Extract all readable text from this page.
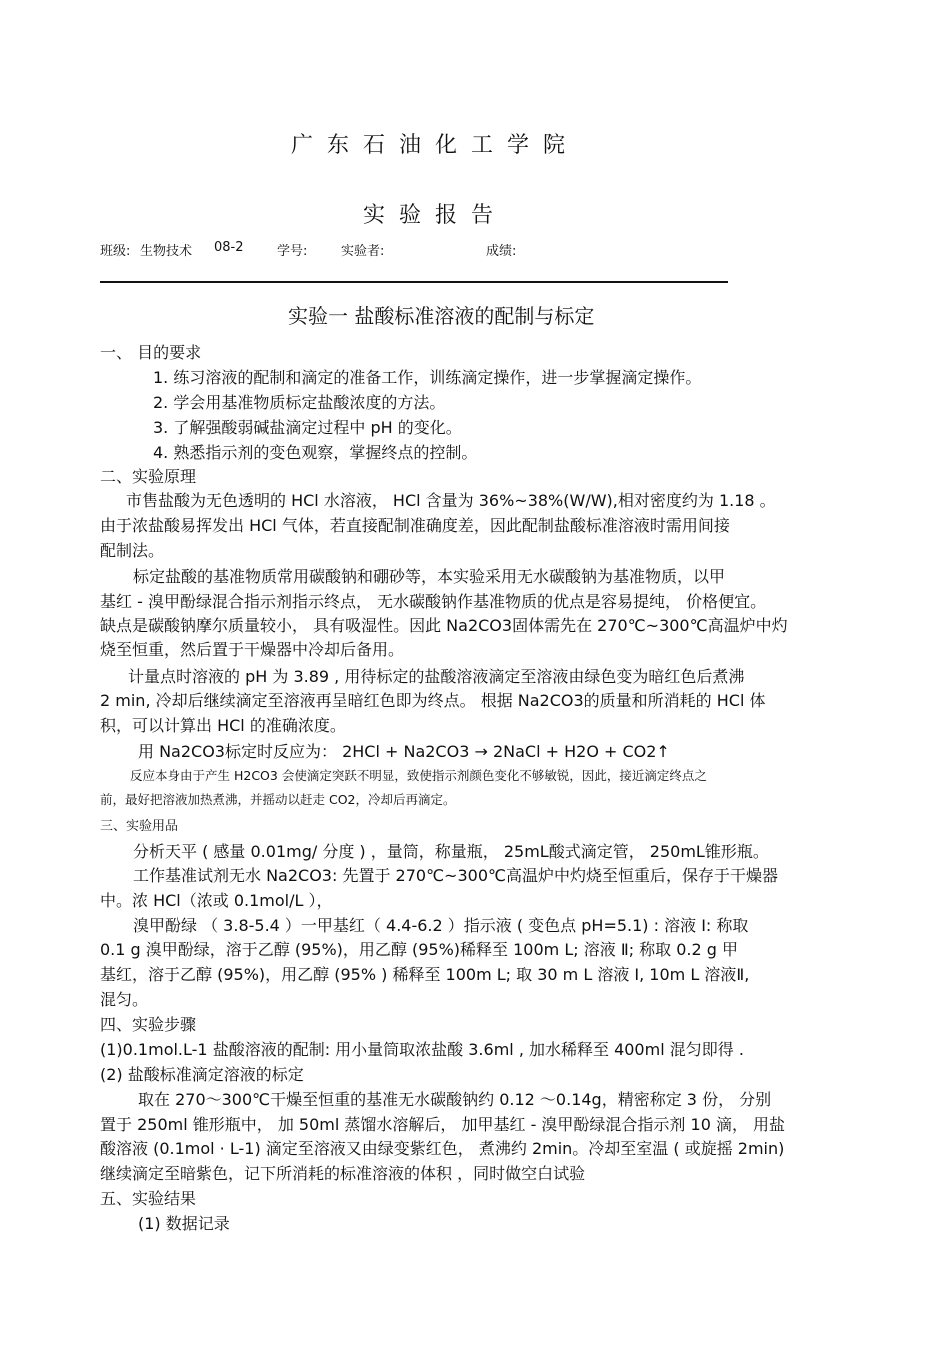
广东石油化工学院
实验报告
班级: 生物技术 08-2	学号:	实验者:	成绩:
实验一 盐酸标准溶液的配制与标定
一、 目的要求
1. 练习溶液的配制和滴定的准备工作，训练滴定操作，进一步掌握滴定操作。
2. 学会用基准物质标定盐酸浓度的方法。
3. 了解强酸弱碱盐滴定过程中 pH 的变化。
4. 熟悉指示剂的变色观察，掌握终点的控制。
二、实验原理
市售盐酸为无色透明的 HCl 水溶液， HCl 含量为 36%~38%(W/W),相对密度约为 1.18 。
由于浓盐酸易挥发出 HCl 气体，若直接配制准确度差，因此配制盐酸标准溶液时需用间接
配制法。
标定盐酸的基准物质常用碳酸钠和硼砂等，本实验采用无水碳酸钠为基准物质，以甲
基红 - 溴甲酚绿混合指示剂指示终点， 无水碳酸钠作基准物质的优点是容易提纯， 价格便宜。
缺点是碳酸钠摩尔质量较小， 具有吸湿性。因此 Na2CO3固体需先在 270℃~300℃高温炉中灼
烧至恒重，然后置于干燥器中冷却后备用。
计量点时溶液的 pH 为 3.89 , 用待标定的盐酸溶液滴定至溶液由绿色变为暗红色后煮沸
2 min, 冷却后继续滴定至溶液再呈暗红色即为终点。 根据 Na2CO3的质量和所消耗的 HCl 体
积，可以计算出 HCl 的准确浓度。
用 Na2CO3标定时反应为： 2HCl + Na2CO3 → 2NaCl + H2O + CO2↑
反应本身由于产生 H2CO3 会使滴定突跃不明显，致使指示剂颜色变化不够敏锐，因此，接近滴定终点之
前，最好把溶液加热煮沸，并摇动以赶走 CO2，冷却后再滴定。
三、实验用品
分析天平 ( 感量 0.01mg/ 分度 ) ，量筒，称量瓶， 25mL酸式滴定管， 250mL锥形瓶。
工作基准试剂无水 Na2CO3: 先置于 270℃~300℃高温炉中灼烧至恒重后，保存于干燥器
中。浓 HCl（浓或 0.1mol/L ），
溴甲酚绿 （ 3.8-5.4 ）一甲基红（ 4.4-6.2 ）指示液 ( 变色点 pH=5.1) : 溶液 Ⅰ: 称取
0.1 g 溴甲酚绿，溶于乙醇 (95%)，用乙醇 (95%)稀释至 100m L; 溶液 Ⅱ; 称取 0.2 g 甲
基红，溶于乙醇 (95%)，用乙醇 (95% ) 稀释至 100m L; 取 30 m L 溶液 I, 10m L 溶液Ⅱ,
混匀。
四、实验步骤
(1)0.1mol.L-1 盐酸溶液的配制: 用小量筒取浓盐酸 3.6ml , 加水稀释至 400ml 混匀即得 .
(2) 盐酸标准滴定溶液的标定
取在 270～300℃干燥至恒重的基准无水碳酸钠约 0.12 ～0.14g，精密称定 3 份， 分别
置于 250ml 锥形瓶中， 加 50ml 蒸馏水溶解后， 加甲基红 - 溴甲酚绿混合指示剂 10 滴， 用盐
酸溶液 (0.1mol · L-1) 滴定至溶液又由绿变紫红色， 煮沸约 2min。冷却至室温 ( 或旋摇 2min)
继续滴定至暗紫色，记下所消耗的标准溶液的体积 ，同时做空白试验
五、实验结果
(1) 数据记录
